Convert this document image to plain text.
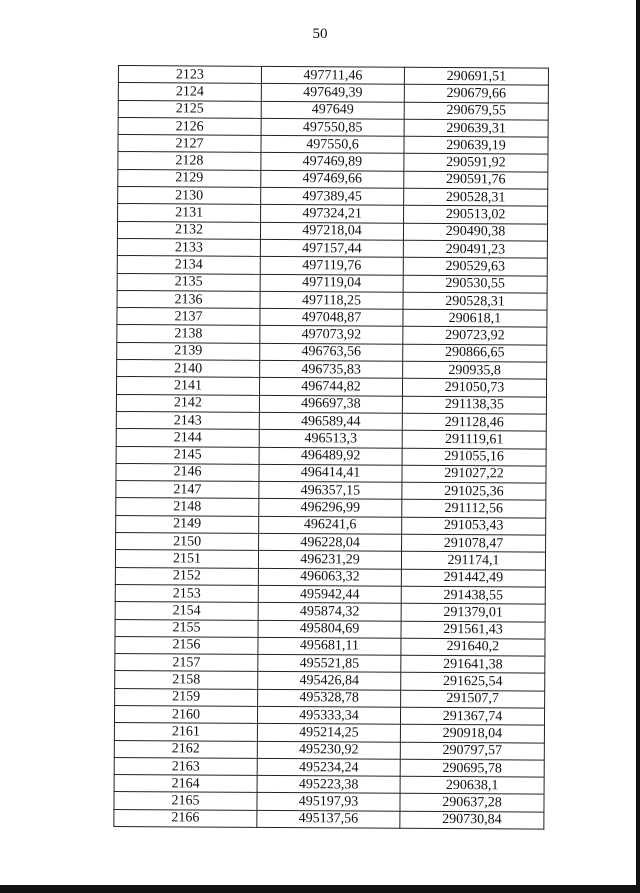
50
2123	497711,46	290691,51
2124	497649,39	290679,66
2125	497649	290679,55
2126	497550,85	290639,31
2127	497550,6	290639,19
2128	497469,89	290591,92
2129	497469,66	290591,76
2130	497389,45	290528,31
2131	497324,21	290513,02
2132	497218,04	290490,38
2133	497157,44	290491,23
2134	497119,76	290529,63
2135	497119,04	290530,55
2136	497118,25	290528,31
2137	497048,87	290618,1
2138	497073,92	290723,92
2139	496763,56	290866,65
2140	496735,83	290935,8
2141	496744,82	291050,73
2142	496697,38	291138,35
2143	496589,44	291128,46
2144	496513,3	291119,61
2145	496489,92	291055,16
2146	496414,41	291027,22
2147	496357,15	291025,36
2148	496296,99	291112,56
2149	496241,6	291053,43
2150	496228,04	291078,47
2151	496231,29	291174,1
2152	496063,32	291442,49
2153	495942,44	291438,55
2154	495874,32	291379,01
2155	495804,69	291561,43
2156	495681,11	291640,2
2157	495521,85	291641,38
2158	495426,84	291625,54
2159	495328,78	291507,7
2160	495333,34	291367,74
2161	495214,25	290918,04
2162	495230,92	290797,57
2163	495234,24	290695,78
2164	495223,38	290638,1
2165	495197,93	290637,28
2166	495137,56	290730,84
